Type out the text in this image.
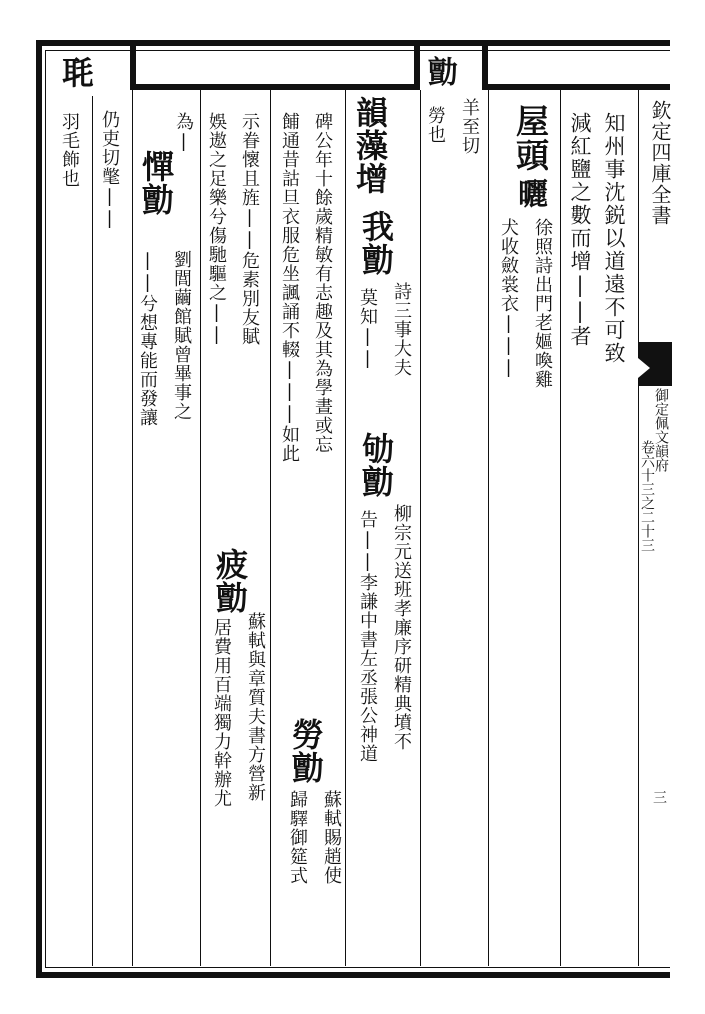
欽定四庫全書
御定佩文韻府
卷六十三之二十三
三
知州事沈鋭以道遠不可致
減紅鹽之數而增||者
屋頭
曬
徐照詩出門老嫗喚雞
犬收斂裳衣|||
勯
羊至切
勞也
韻藻增
我勯
詩三事大夫
莫知||
劬勯
柳宗元送班孝廉序研精典墳不
告||李謙中書左丞張公神道
碑公年十餘歲精敏有志趣及其為學晝或忘
餔通昔詁旦衣服危坐諷誦不輟|||如此
勞勯
蘇軾賜趙使
歸驛御筵式
示眷懷且旌||危素別友賦
娛遨之足樂兮傷馳驅之||
疲勯
蘇軾與章質夫書方營新
居費用百端獨力幹辦尤
為|
憚勯
劉閭繭館賦曾畢事之
||兮想專能而發讓
毦
仍吏切氅||
羽毛飾也
